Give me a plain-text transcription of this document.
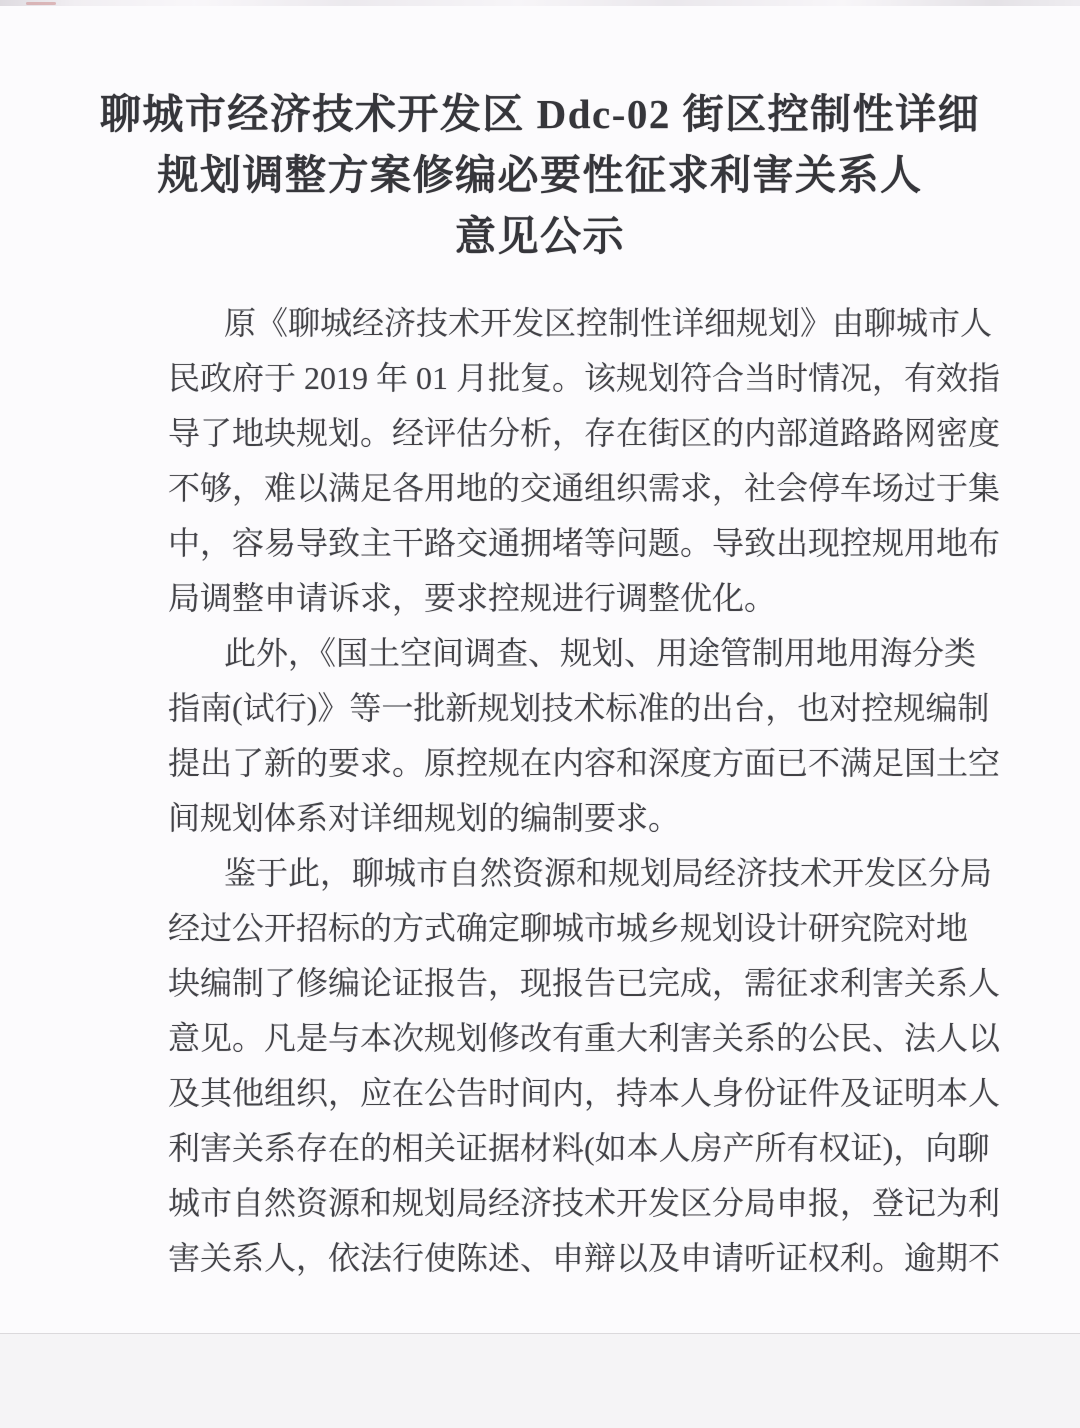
聊城市经济技术开发区 Ddc-02 街区控制性详细
规划调整方案修编必要性征求利害关系人
意见公示
原《聊城经济技术开发区控制性详细规划》由聊城市人
民政府于 2019 年 01 月批复。该规划符合当时情况，有效指
导了地块规划。经评估分析，存在街区的内部道路路网密度
不够，难以满足各用地的交通组织需求，社会停车场过于集
中，容易导致主干路交通拥堵等问题。导致出现控规用地布
局调整申请诉求，要求控规进行调整优化。
此外，《国土空间调查、规划、用途管制用地用海分类
指南(试行)》等一批新规划技术标准的出台，也对控规编制
提出了新的要求。原控规在内容和深度方面已不满足国土空
间规划体系对详细规划的编制要求。
鉴于此，聊城市自然资源和规划局经济技术开发区分局
经过公开招标的方式确定聊城市城乡规划设计研究院对地
块编制了修编论证报告，现报告已完成，需征求利害关系人
意见。凡是与本次规划修改有重大利害关系的公民、法人以
及其他组织，应在公告时间内，持本人身份证件及证明本人
利害关系存在的相关证据材料(如本人房产所有权证)，向聊
城市自然资源和规划局经济技术开发区分局申报，登记为利
害关系人，依法行使陈述、申辩以及申请听证权利。逾期不
